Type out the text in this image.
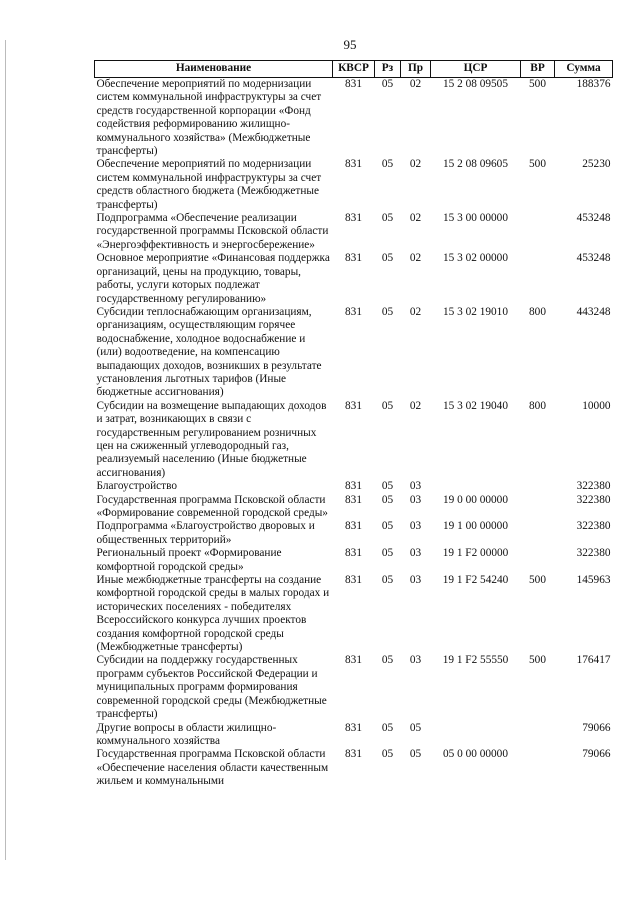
95
Наименование	КВСР	Рз	Пр	ЦСР	ВР	Сумма
Обеспечение мероприятий по модернизации систем коммунальной инфраструктуры за счет средств государственной корпорации «Фонд содействия реформированию жилищно-коммунального хозяйства» (Межбюджетные трансферты)	831	05	02	15 2 08 09505	500	188376
Обеспечение мероприятий по модернизации систем коммунальной инфраструктуры за счет средств областного бюджета (Межбюджетные трансферты)	831	05	02	15 2 08 09605	500	25230
Подпрограмма «Обеспечение реализации государственной программы Псковской области «Энергоэффективность и энергосбережение»	831	05	02	15 3 00 00000		453248
Основное мероприятие «Финансовая поддержка организаций, цены на продукцию, товары, работы, услуги которых подлежат государственному регулированию»	831	05	02	15 3 02 00000		453248
Субсидии теплоснабжающим организациям, организациям, осуществляющим горячее водоснабжение, холодное водоснабжение и (или) водоотведение, на компенсацию выпадающих доходов, возникших в результате установления льготных тарифов (Иные бюджетные ассигнования)	831	05	02	15 3 02 19010	800	443248
Субсидии на возмещение выпадающих доходов и затрат, возникающих в связи с государственным регулированием розничных цен на сжиженный углеводородный газ, реализуемый населению (Иные бюджетные ассигнования)	831	05	02	15 3 02 19040	800	10000
Благоустройство	831	05	03			322380
Государственная программа Псковской области «Формирование современной городской среды»	831	05	03	19 0 00 00000		322380
Подпрограмма «Благоустройство дворовых и общественных территорий»	831	05	03	19 1 00 00000		322380
Региональный проект «Формирование комфортной городской среды»	831	05	03	19 1 F2 00000		322380
Иные межбюджетные трансферты на создание комфортной городской среды в малых городах и исторических поселениях - победителях Всероссийского конкурса лучших проектов создания комфортной городской среды (Межбюджетные трансферты)	831	05	03	19 1 F2 54240	500	145963
Субсидии на поддержку государственных программ субъектов Российской Федерации и муниципальных программ формирования современной городской среды (Межбюджетные трансферты)	831	05	03	19 1 F2 55550	500	176417
Другие вопросы в области жилищно-коммунального хозяйства	831	05	05			79066
Государственная программа Псковской области «Обеспечение населения области качественным жильем и коммунальными	831	05	05	05 0 00 00000		79066
